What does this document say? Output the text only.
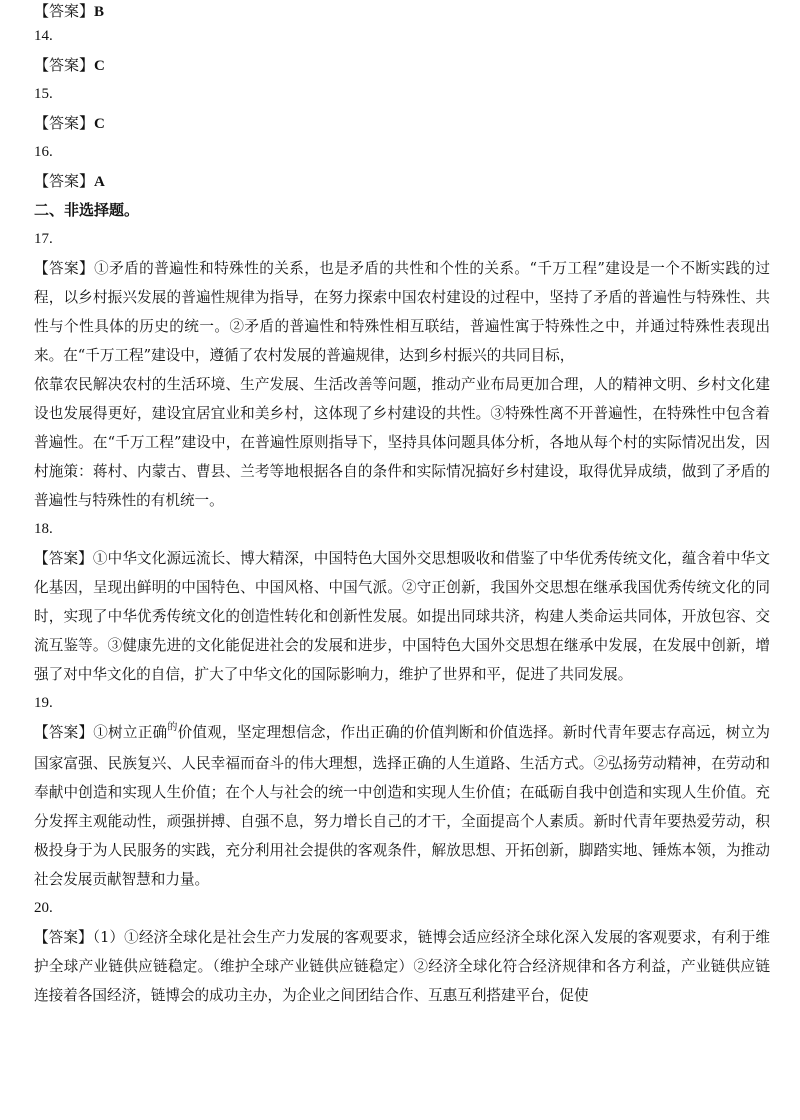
【答案】B
14.
【答案】C
15.
【答案】C
16.
【答案】A
二、非选择题。
17.
【答案】①矛盾的普遍性和特殊性的关系，也是矛盾的共性和个性的关系。“千万工程”建设是一个不断实践的过程，以乡村振兴发展的普遍性规律为指导，在努力探索中国农村建设的过程中，坚持了矛盾的普遍性与特殊性、共性与个性具体的历史的统一。②矛盾的普遍性和特殊性相互联结，普遍性寓于特殊性之中，并通过特殊性表现出来。在“千万工程”建设中，遵循了农村发展的普遍规律，达到乡村振兴的共同目标，
依靠农民解决农村的生活环境、生产发展、生活改善等问题，推动产业布局更加合理，人的精神文明、乡村文化建设也发展得更好，建设宜居宜业和美乡村，这体现了乡村建设的共性。③特殊性离不开普遍性，在特殊性中包含着普遍性。在“千万工程”建设中，在普遍性原则指导下，坚持具体问题具体分析，各地从每个村的实际情况出发，因村施策：蒋村、内蒙古、曹县、兰考等地根据各自的条件和实际情况搞好乡村建设，取得优异成绩，做到了矛盾的普遍性与特殊性的有机统一。
18.
【答案】①中华文化源远流长、博大精深，中国特色大国外交思想吸收和借鉴了中华优秀传统文化，蕴含着中华文化基因，呈现出鲜明的中国特色、中国风格、中国气派。②守正创新，我国外交思想在继承我国优秀传统文化的同时，实现了中华优秀传统文化的创造性转化和创新性发展。如提出同球共济，构建人类命运共同体，开放包容、交流互鉴等。③健康先进的文化能促进社会的发展和进步，中国特色大国外交思想在继承中发展，在发展中创新，增强了对中华文化的自信，扩大了中华文化的国际影响力，维护了世界和平，促进了共同发展。
19.
【答案】①树立正确$^的$价值观，坚定理想信念，作出正确的价值判断和价值选择。新时代青年要志存高远，树立为国家富强、民族复兴、人民幸福而奋斗的伟大理想，选择正确的人生道路、生活方式。②弘扬劳动精神，在劳动和奉献中创造和实现人生价值；在个人与社会的统一中创造和实现人生价值；在砥砺自我中创造和实现人生价值。充分发挥主观能动性，顽强拼搏、自强不息，努力增长自己的才干，全面提高个人素质。新时代青年要热爱劳动，积极投身于为人民服务的实践，充分利用社会提供的客观条件，解放思想、开拓创新，脚踏实地、锤炼本领，为推动社会发展贡献智慧和力量。
20.
【答案】（1）①经济全球化是社会生产力发展的客观要求，链博会适应经济全球化深入发展的客观要求，有利于维护全球产业链供应链稳定。（维护全球产业链供应链稳定）②经济全球化符合经济规律和各方利益，产业链供应链连接着各国经济，链博会的成功主办，为企业之间团结合作、互惠互利搭建平台，促使
